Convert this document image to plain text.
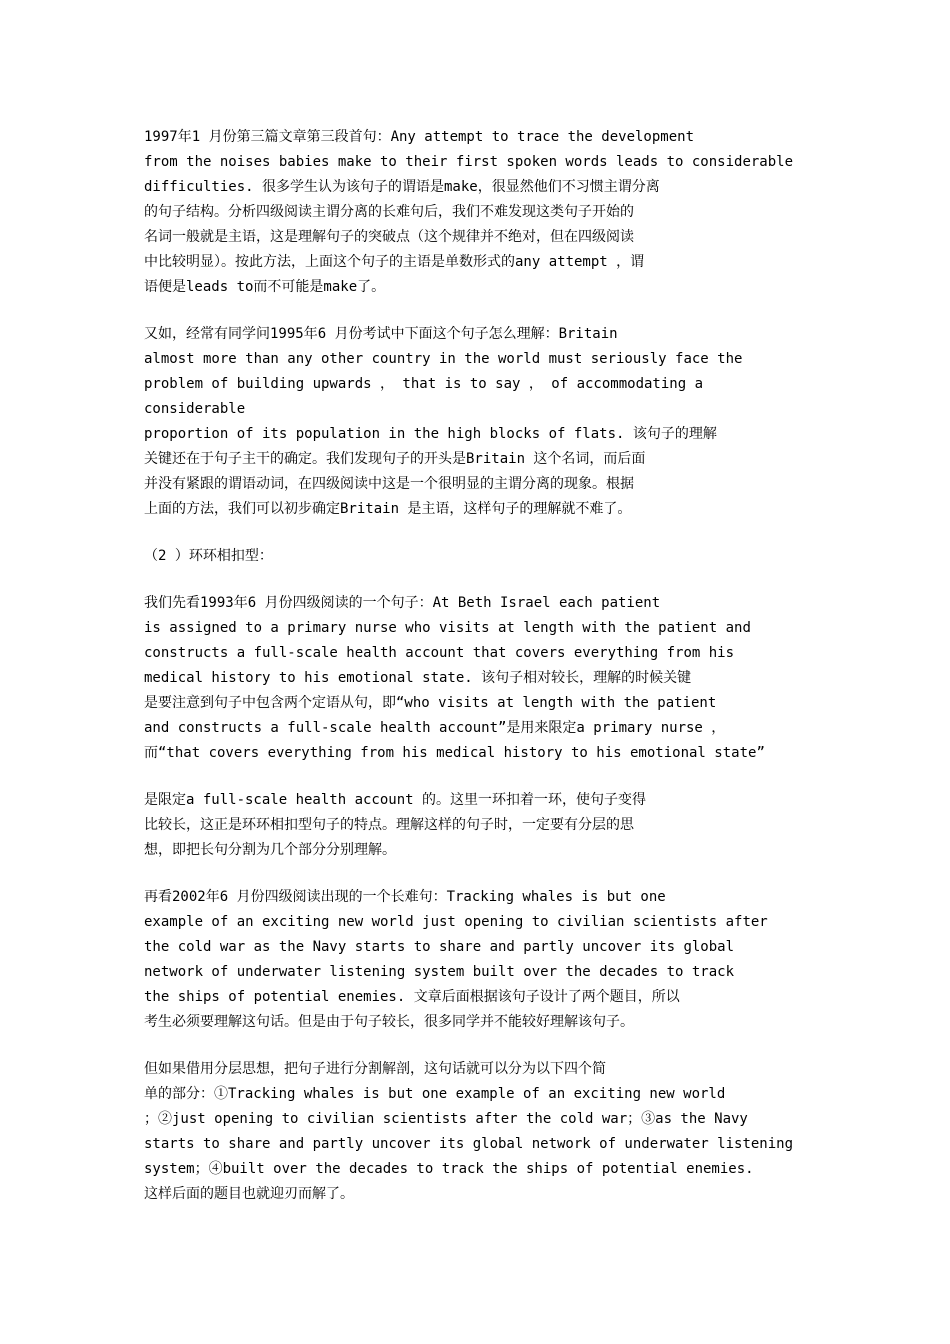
1997年1 月份第三篇文章第三段首句：Any attempt to trace the development
from the noises babies make to their first spoken words leads to considerable
difficulties. 很多学生认为该句子的谓语是make，很显然他们不习惯主谓分离
的句子结构。分析四级阅读主谓分离的长难句后，我们不难发现这类句子开始的
名词一般就是主语，这是理解句子的突破点（这个规律并不绝对，但在四级阅读
中比较明显）。按此方法，上面这个句子的主语是单数形式的any attempt ，谓
语便是leads to而不可能是make了。
又如，经常有同学问1995年6 月份考试中下面这个句子怎么理解：Britain
almost more than any other country in the world must seriously face the
problem of building upwards ， that is to say ， of accommodating a
considerable
proportion of its population in the high blocks of flats. 该句子的理解
关键还在于句子主干的确定。我们发现句子的开头是Britain 这个名词，而后面
并没有紧跟的谓语动词，在四级阅读中这是一个很明显的主谓分离的现象。根据
上面的方法，我们可以初步确定Britain 是主语，这样句子的理解就不难了。
（2 ）环环相扣型：
我们先看1993年6 月份四级阅读的一个句子：At Beth Israel each patient
is assigned to a primary nurse who visits at length with the patient and
constructs a full-scale health account that covers everything from his
medical history to his emotional state. 该句子相对较长，理解的时候关键
是要注意到句子中包含两个定语从句，即“who visits at length with the patient
and constructs a full-scale health account”是用来限定a primary nurse ，
而“that covers everything from his medical history to his emotional state”
是限定a full-scale health account 的。这里一环扣着一环，使句子变得
比较长，这正是环环相扣型句子的特点。理解这样的句子时，一定要有分层的思
想，即把长句分割为几个部分分别理解。
再看2002年6 月份四级阅读出现的一个长难句：Tracking whales is but one
example of an exciting new world just opening to civilian scientists after
the cold war as the Navy starts to share and partly uncover its global
network of underwater listening system built over the decades to track
the ships of potential enemies. 文章后面根据该句子设计了两个题目，所以
考生必须要理解这句话。但是由于句子较长，很多同学并不能较好理解该句子。
但如果借用分层思想，把句子进行分割解剖，这句话就可以分为以下四个简
单的部分：①Tracking whales is but one example of an exciting new world
；②just opening to civilian scientists after the cold war；③as the Navy
starts to share and partly uncover its global network of underwater listening
system；④built over the decades to track the ships of potential enemies.
这样后面的题目也就迎刃而解了。
